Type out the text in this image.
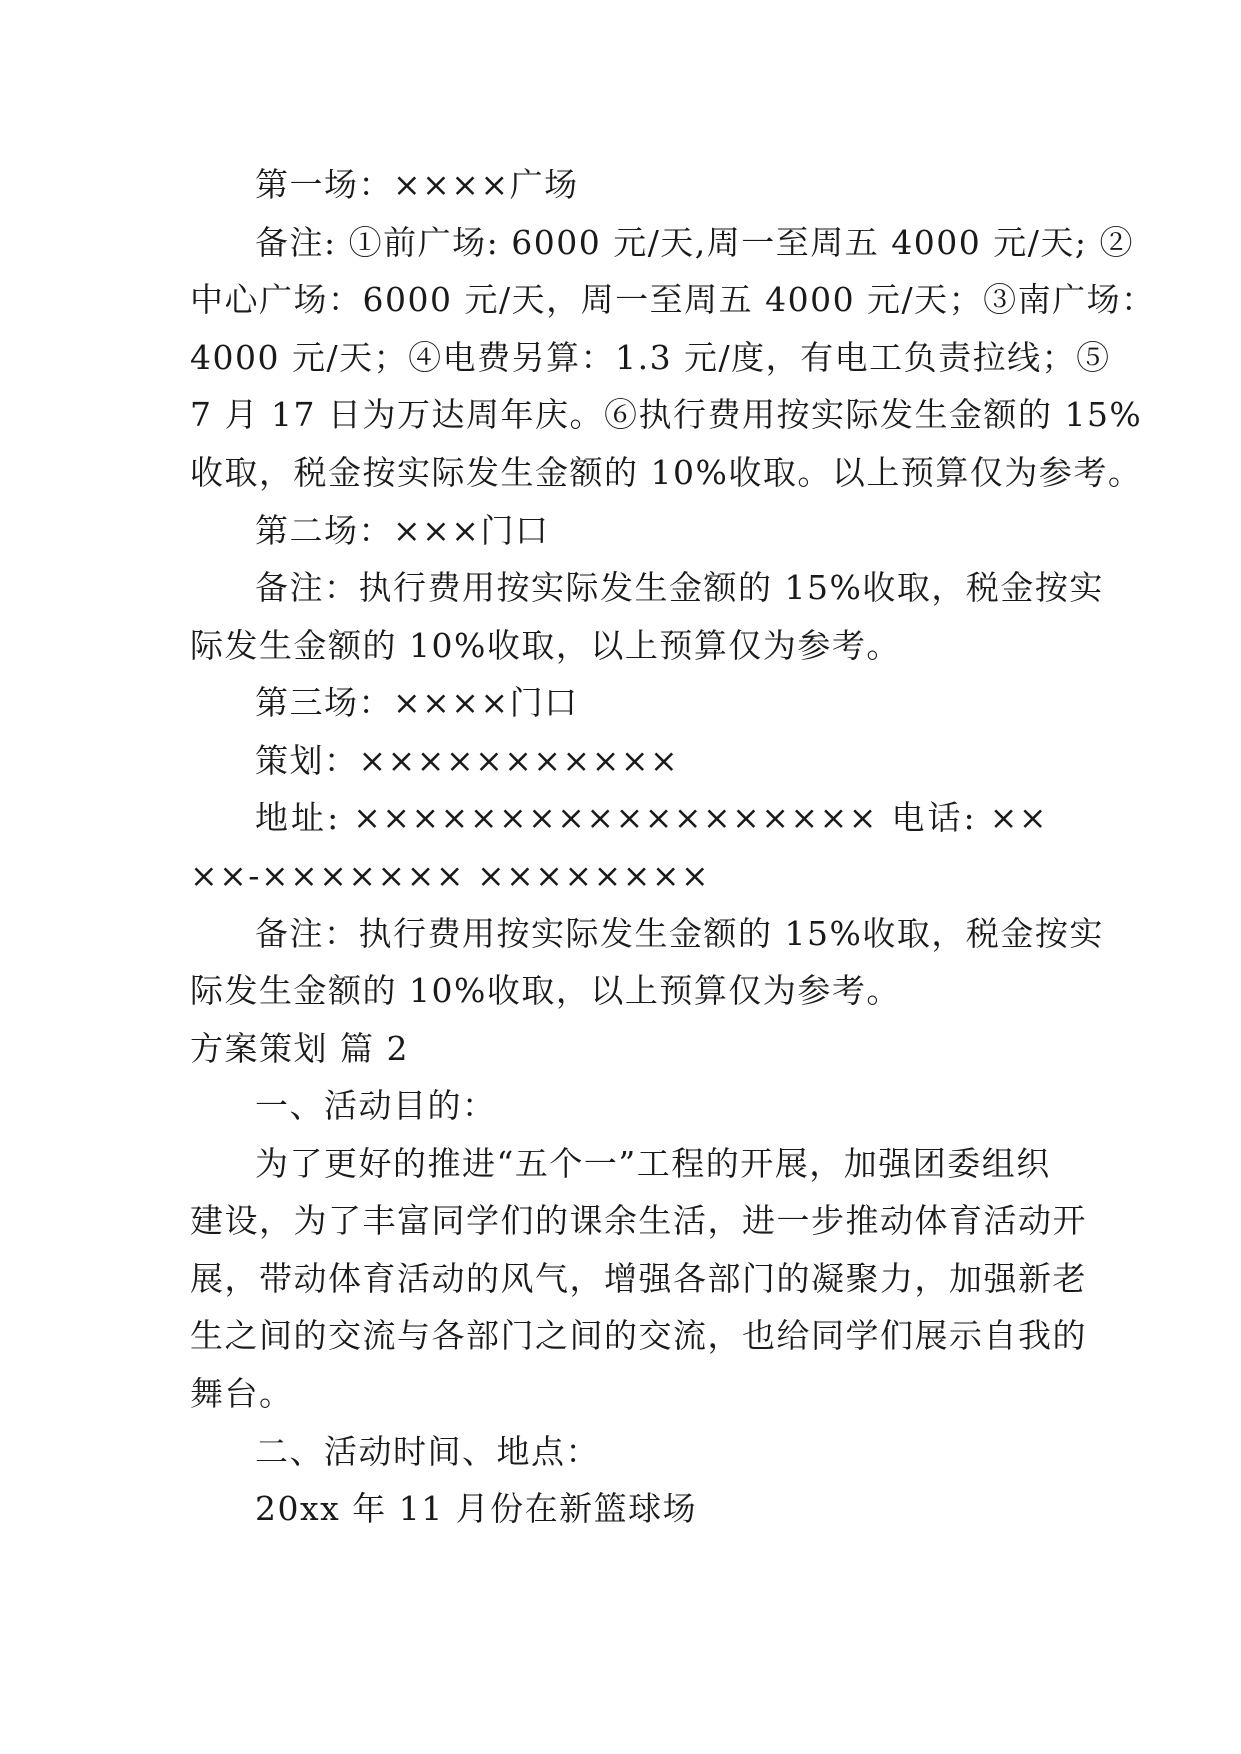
第一场：××××广场
备注: ①前广场: 6000 元/天,周一至周五 4000 元/天; ②
中心广场：6000 元/天，周一至周五 4000 元/天；③南广场：
4000 元/天；④电费另算：1.3 元/度，有电工负责拉线；⑤
7 月 17 日为万达周年庆。⑥执行费用按实际发生金额的 15%
收取，税金按实际发生金额的 10%收取。以上预算仅为参考。
第二场：×××门口
备注：执行费用按实际发生金额的 15%收取，税金按实
际发生金额的 10%收取，以上预算仅为参考。
第三场：××××门口
策划：×××××××××××
地址: ×××××××××××××××××× 电话: ××
××-××××××× ××××××××
备注：执行费用按实际发生金额的 15%收取，税金按实
际发生金额的 10%收取，以上预算仅为参考。
方案策划 篇 2
一、活动目的：
为了更好的推进“五个一”工程的开展，加强团委组织
建设，为了丰富同学们的课余生活，进一步推动体育活动开
展，带动体育活动的风气，增强各部门的凝聚力，加强新老
生之间的交流与各部门之间的交流，也给同学们展示自我的
舞台。
二、活动时间、地点：
20xx 年 11 月份在新篮球场
